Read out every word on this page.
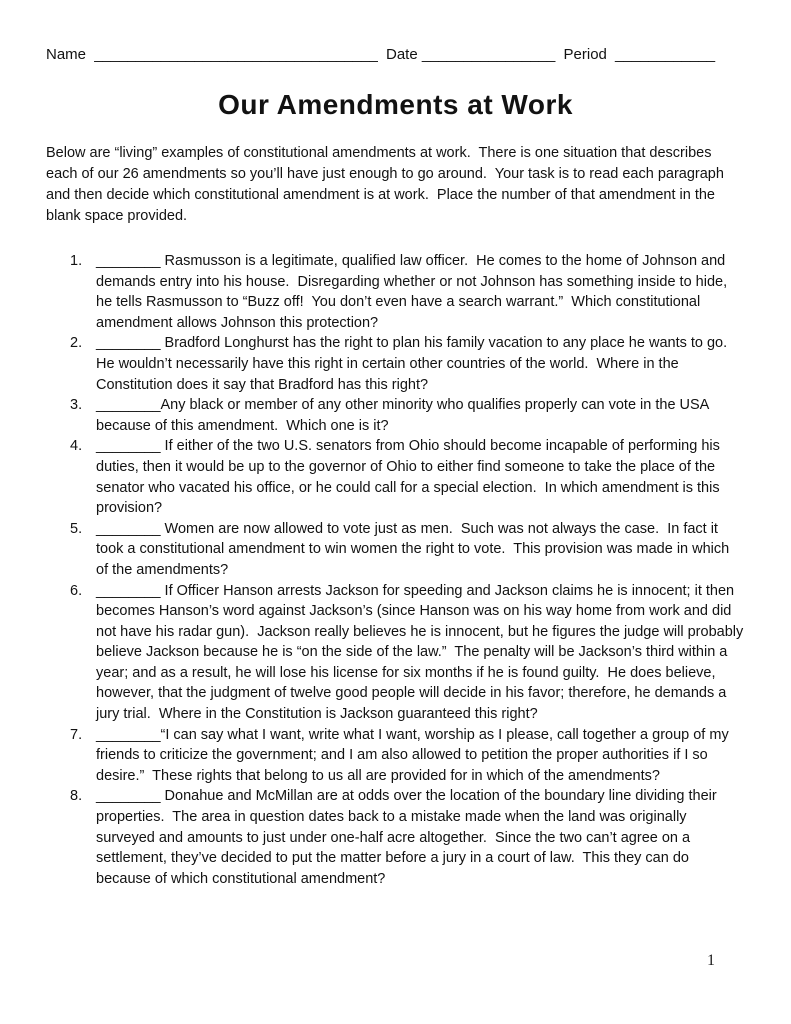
Name __________________________________ Date ________________ Period ____________
Our Amendments at Work

Below are “living” examples of constitutional amendments at work.  There is one situation that describes each of our 26 amendments so you’ll have just enough to go around.  Your task is to read each paragraph and then decide which constitutional amendment is at work.  Place the number of that amendment in the blank space provided.

1. ________ Rasmusson is a legitimate, qualified law officer.  He comes to the home of Johnson and demands entry into his house.  Disregarding whether or not Johnson has something inside to hide, he tells Rasmusson to “Buzz off!  You don’t even have a search warrant.”  Which constitutional amendment allows Johnson this protection?
2. ________ Bradford Longhurst has the right to plan his family vacation to any place he wants to go.  He wouldn’t necessarily have this right in certain other countries of the world.  Where in the Constitution does it say that Bradford has this right?
3. ________Any black or member of any other minority who qualifies properly can vote in the USA because of this amendment.  Which one is it?
4. ________ If either of the two U.S. senators from Ohio should become incapable of performing his duties, then it would be up to the governor of Ohio to either find someone to take the place of the senator who vacated his office, or he could call for a special election.  In which amendment is this provision?
5. ________ Women are now allowed to vote just as men.  Such was not always the case.  In fact it took a constitutional amendment to win women the right to vote.  This provision was made in which of the amendments?
6. ________ If Officer Hanson arrests Jackson for speeding and Jackson claims he is innocent; it then becomes Hanson’s word against Jackson’s (since Hanson was on his way home from work and did not have his radar gun).  Jackson really believes he is innocent, but he figures the judge will probably believe Jackson because he is “on the side of the law.”  The penalty will be Jackson’s third within a year; and as a result, he will lose his license for six months if he is found guilty.  He does believe, however, that the judgment of twelve good people will decide in his favor; therefore, he demands a jury trial.  Where in the Constitution is Jackson guaranteed this right?
7. ________“I can say what I want, write what I want, worship as I please, call together a group of my friends to criticize the government; and I am also allowed to petition the proper authorities if I so desire.”  These rights that belong to us all are provided for in which of the amendments?
8. ________ Donahue and McMillan are at odds over the location of the boundary line dividing their properties.  The area in question dates back to a mistake made when the land was originally surveyed and amounts to just under one-half acre altogether.  Since the two can’t agree on a settlement, they’ve decided to put the matter before a jury in a court of law.  This they can do because of which constitutional amendment?
1
